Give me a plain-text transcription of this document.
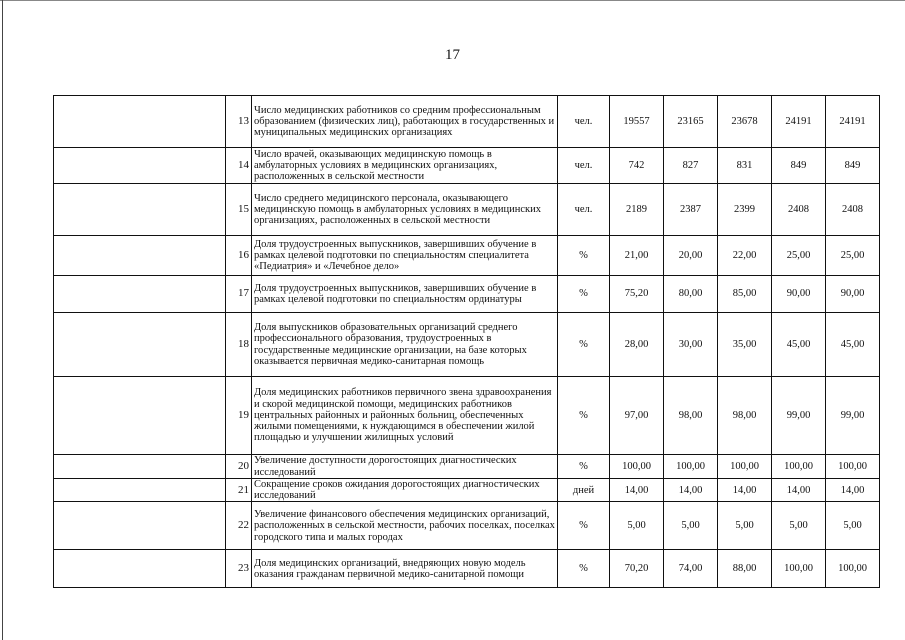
17
	13	Число медицинских работников со средним профессиональным образованием (физических лиц), работающих в государственных и муниципальных медицинских организациях	чел.	19557	23165	23678	24191	24191
	14	Число врачей, оказывающих медицинскую помощь в амбулаторных условиях в медицинских организациях, расположенных в сельской местности	чел.	742	827	831	849	849
	15	Число среднего медицинского персонала, оказывающего медицинскую помощь в амбулаторных условиях в медицинских организациях, расположенных в сельской местности	чел.	2189	2387	2399	2408	2408
	16	Доля трудоустроенных выпускников, завершивших обучение в рамках целевой подготовки по специальностям специалитета «Педиатрия» и «Лечебное дело»	%	21,00	20,00	22,00	25,00	25,00
	17	Доля трудоустроенных выпускников, завершивших обучение в рамках целевой подготовки по специальностям ординатуры	%	75,20	80,00	85,00	90,00	90,00
	18	Доля выпускников образовательных организаций среднего профессионального образования, трудоустроенных в государственные медицинские организации, на базе которых оказывается первичная медико-санитарная помощь	%	28,00	30,00	35,00	45,00	45,00
	19	Доля медицинских работников первичного звена здравоохранения и скорой медицинской помощи, медицинских работников центральных районных и районных больниц, обеспеченных жилыми помещениями, к нуждающимся в обеспечении жилой площадью и улучшении жилищных условий	%	97,00	98,00	98,00	99,00	99,00
	20	Увеличение доступности дорогостоящих диагностических исследований	%	100,00	100,00	100,00	100,00	100,00
	21	Сокращение сроков ожидания дорогостоящих диагностических исследований	дней	14,00	14,00	14,00	14,00	14,00
	22	Увеличение финансового обеспечения медицинских организаций, расположенных в сельской местности, рабочих поселках, поселках городского типа и малых городах	%	5,00	5,00	5,00	5,00	5,00
	23	Доля медицинских организаций, внедряющих новую модель оказания гражданам первичной медико-санитарной помощи	%	70,20	74,00	88,00	100,00	100,00
